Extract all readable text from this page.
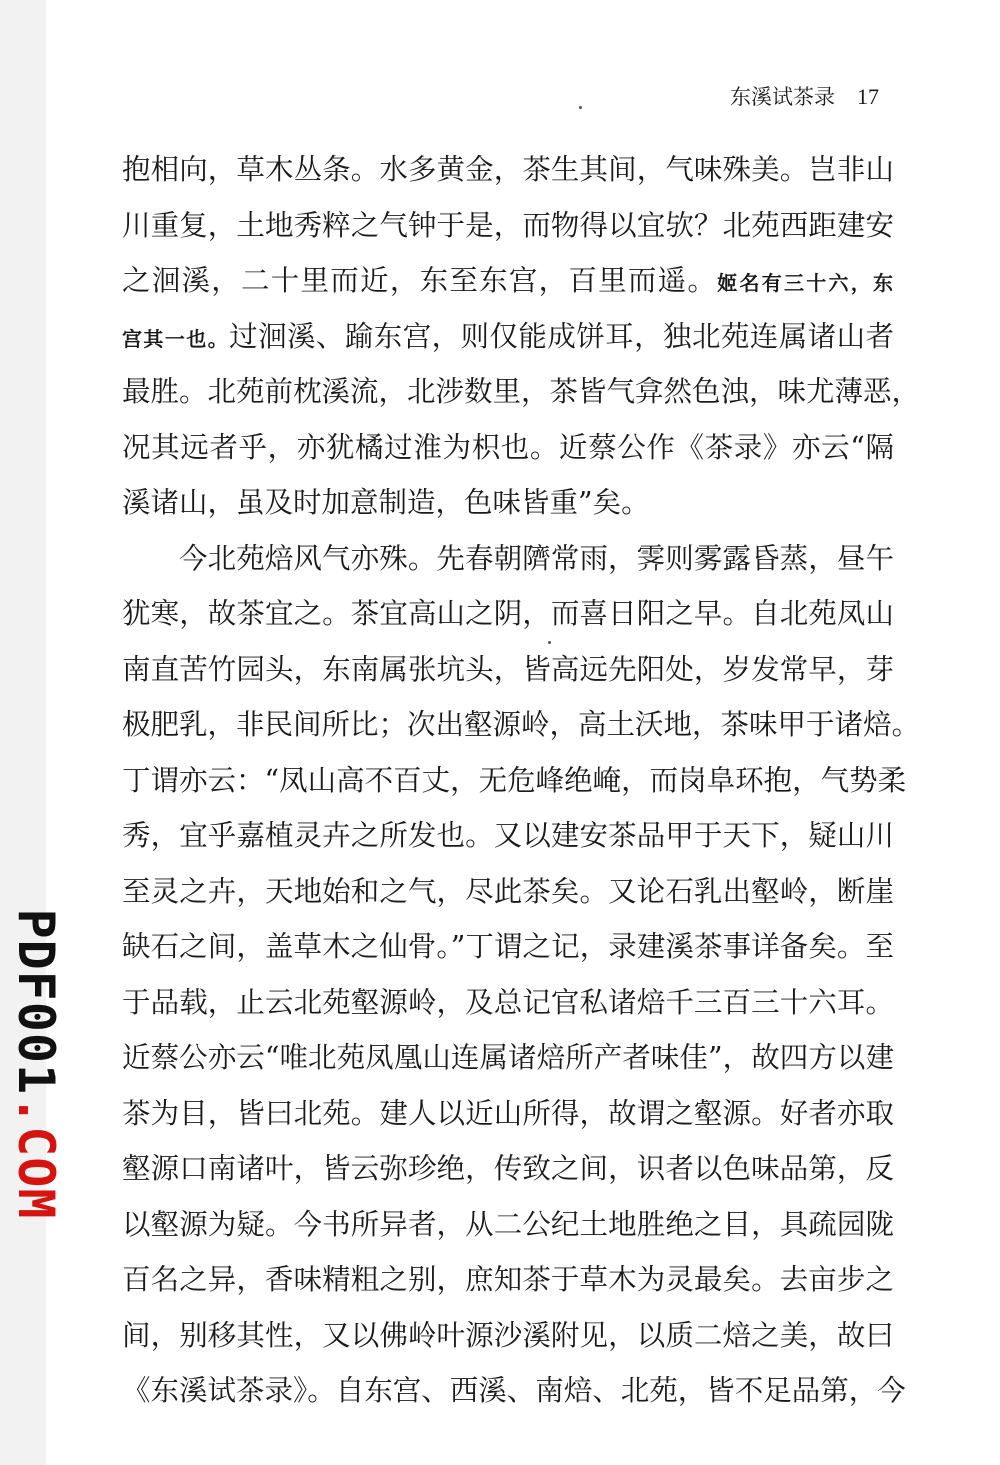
东溪试茶录 17
PDF001.COM
抱相向，草木丛条。水多黄金，茶生其间，气味殊美。岂非山
川重复，土地秀粹之气钟于是，而物得以宜欤？北苑西距建安
之洄溪，二十里而近，东至东宫，百里而遥。姬名有三十六，东
宫其一也。过洄溪、踰东宫，则仅能成饼耳，独北苑连属诸山者
最胜。北苑前枕溪流，北涉数里，茶皆气弇然色浊，味尤薄恶，
况其远者乎，亦犹橘过淮为枳也。近蔡公作《茶录》亦云“隔
溪诸山，虽及时加意制造，色味皆重”矣。
今北苑焙风气亦殊。先春朝隮常雨，霁则雾露昏蒸，昼午
犹寒，故茶宜之。茶宜高山之阴，而喜日阳之早。自北苑凤山
南直苦竹园头，东南属张坑头，皆高远先阳处，岁发常早，芽
极肥乳，非民间所比；次出壑源岭，高土沃地，茶味甲于诸焙。
丁谓亦云：“凤山高不百丈，无危峰绝崦，而岗阜环抱，气势柔
秀，宜乎嘉植灵卉之所发也。又以建安茶品甲于天下，疑山川
至灵之卉，天地始和之气，尽此茶矣。又论石乳出壑岭，断崖
缺石之间，盖草木之仙骨。”丁谓之记，录建溪茶事详备矣。至
于品载，止云北苑壑源岭，及总记官私诸焙千三百三十六耳。
近蔡公亦云“唯北苑凤凰山连属诸焙所产者味佳”，故四方以建
茶为目，皆曰北苑。建人以近山所得，故谓之壑源。好者亦取
壑源口南诸叶，皆云弥珍绝，传致之间，识者以色味品第，反
以壑源为疑。今书所异者，从二公纪土地胜绝之目，具疏园陇
百名之异，香味精粗之别，庶知茶于草木为灵最矣。去亩步之
间，别移其性，又以佛岭叶源沙溪附见，以质二焙之美，故曰
《东溪试茶录》。自东宫、西溪、南焙、北苑，皆不足品第，今
